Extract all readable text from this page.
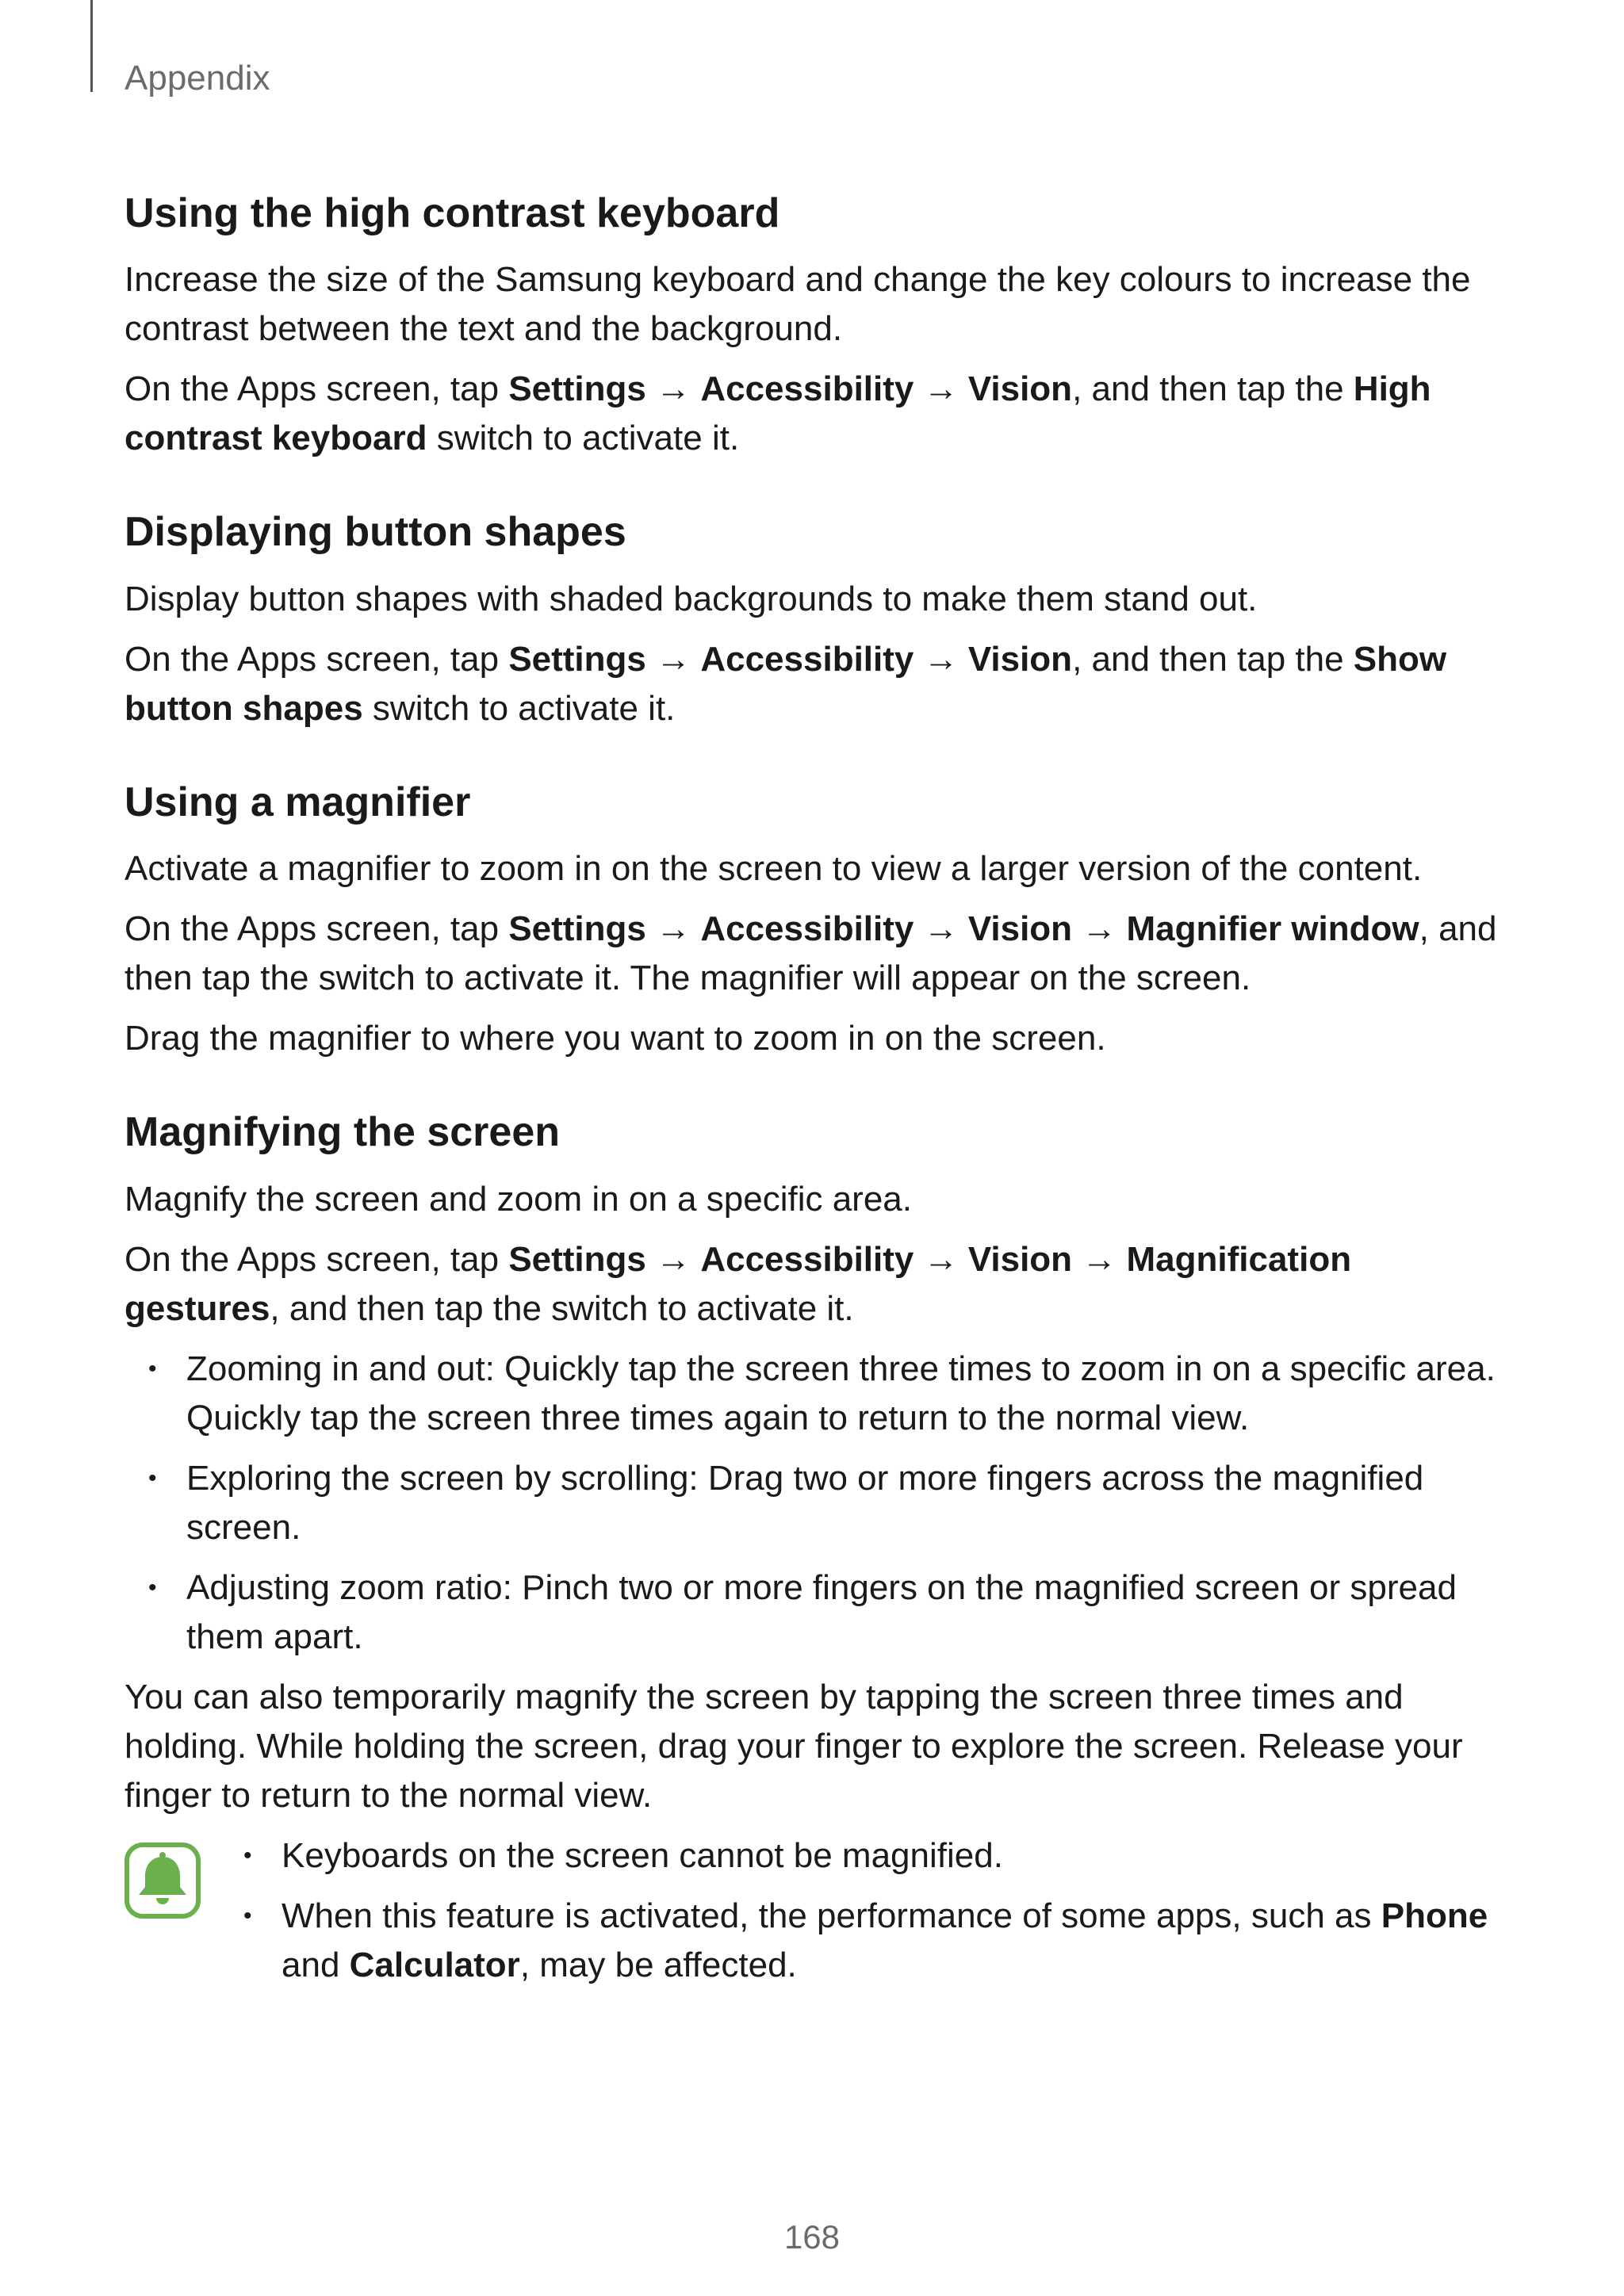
Appendix
Using the high contrast keyboard

Increase the size of the Samsung keyboard and change the key colours to increase the contrast between the text and the background.

On the Apps screen, tap Settings → Accessibility → Vision, and then tap the High contrast keyboard switch to activate it.

Displaying button shapes

Display button shapes with shaded backgrounds to make them stand out.

On the Apps screen, tap Settings → Accessibility → Vision, and then tap the Show button shapes switch to activate it.

Using a magnifier

Activate a magnifier to zoom in on the screen to view a larger version of the content.

On the Apps screen, tap Settings → Accessibility → Vision → Magnifier window, and then tap the switch to activate it. The magnifier will appear on the screen.

Drag the magnifier to where you want to zoom in on the screen.

Magnifying the screen

Magnify the screen and zoom in on a specific area.

On the Apps screen, tap Settings → Accessibility → Vision → Magnification gestures, and then tap the switch to activate it.

• Zooming in and out: Quickly tap the screen three times to zoom in on a specific area. Quickly tap the screen three times again to return to the normal view.
• Exploring the screen by scrolling: Drag two or more fingers across the magnified screen.
• Adjusting zoom ratio: Pinch two or more fingers on the magnified screen or spread them apart.

You can also temporarily magnify the screen by tapping the screen three times and holding. While holding the screen, drag your finger to explore the screen. Release your finger to return to the normal view.

• Keyboards on the screen cannot be magnified.
• When this feature is activated, the performance of some apps, such as Phone and Calculator, may be affected.
168
